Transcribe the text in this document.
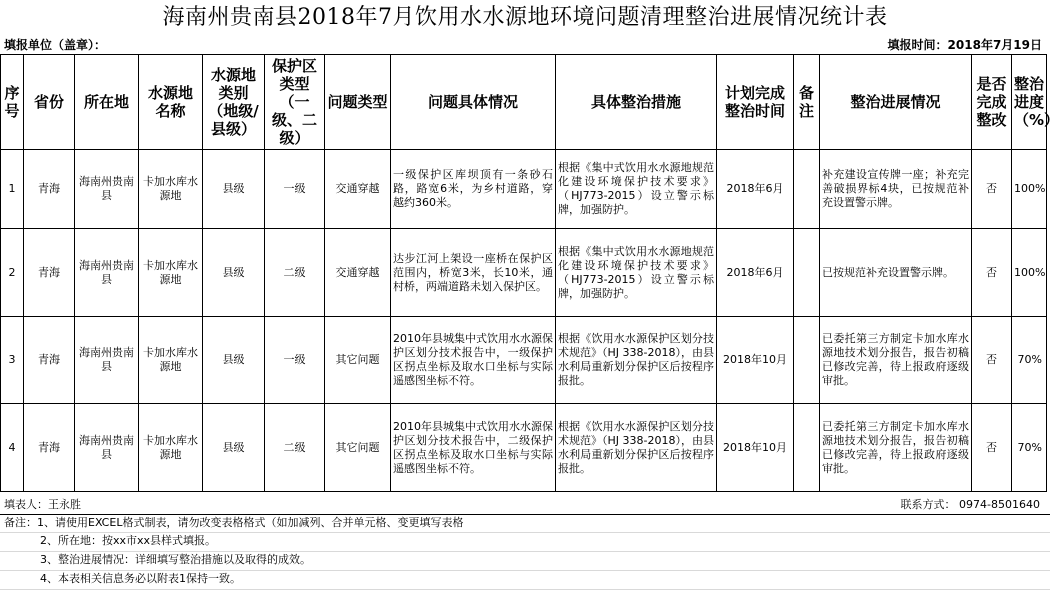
海南州贵南县2018年7月饮用水水源地环境问题清理整治进展情况统计表
填报单位（盖章）：	填报时间：2018年7月19日
序号	省份	所在地	水源地名称	水源地类别（地级/县级）	保护区类型（一级、二级）	问题类型	问题具体情况	具体整治措施	计划完成整治时间	备注	整治进展情况	是否完成整改	整治进度（%）
1	青海	海南州贵南县	卡加水库水源地	县级	一级	交通穿越	一级保护区库坝顶有一条砂石路，路宽6米，为乡村道路，穿越约360米。	根据《集中式饮用水水源地规范化建设环境保护技术要求》（HJ773-2015）设立警示标牌，加强防护。	2018年6月		补充建设宣传牌一座；补充完善破损界标4块，已按规范补充设置警示牌。	否	100%
2	青海	海南州贵南县	卡加水库水源地	县级	二级	交通穿越	达步江河上架设一座桥在保护区范围内，桥宽3米，长10米，通村桥，两端道路未划入保护区。	根据《集中式饮用水水源地规范化建设环境保护技术要求》（HJ773-2015）设立警示标牌，加强防护。	2018年6月		已按规范补充设置警示牌。	否	100%
3	青海	海南州贵南县	卡加水库水源地	县级	一级	其它问题	2010年县城集中式饮用水水源保护区划分技术报告中，一级保护区拐点坐标及取水口坐标与实际遥感图坐标不符。	根据《饮用水水源保护区划分技术规范》（HJ 338-2018），由县水利局重新划分保护区后按程序报批。	2018年10月		已委托第三方制定卡加水库水源地技术划分报告，报告初稿已修改完善，待上报政府逐级审批。	否	70%
4	青海	海南州贵南县	卡加水库水源地	县级	二级	其它问题	2010年县城集中式饮用水水源保护区划分技术报告中，二级保护区拐点坐标及取水口坐标与实际遥感图坐标不符。	根据《饮用水水源保护区划分技术规范》（HJ 338-2018），由县水利局重新划分保护区后按程序报批。	2018年10月		已委托第三方制定卡加水库水源地技术划分报告，报告初稿已修改完善，待上报政府逐级审批。	否	70%
填表人：王永胜	联系方式： 0974-8501640
备注：1、请使用EXCEL格式制表，请勿改变表格格式（如加减列、合并单元格、变更填写表格
2、所在地：按xx市xx县样式填报。
3、整治进展情况：详细填写整治措施以及取得的成效。
4、本表相关信息务必以附表1保持一致。
